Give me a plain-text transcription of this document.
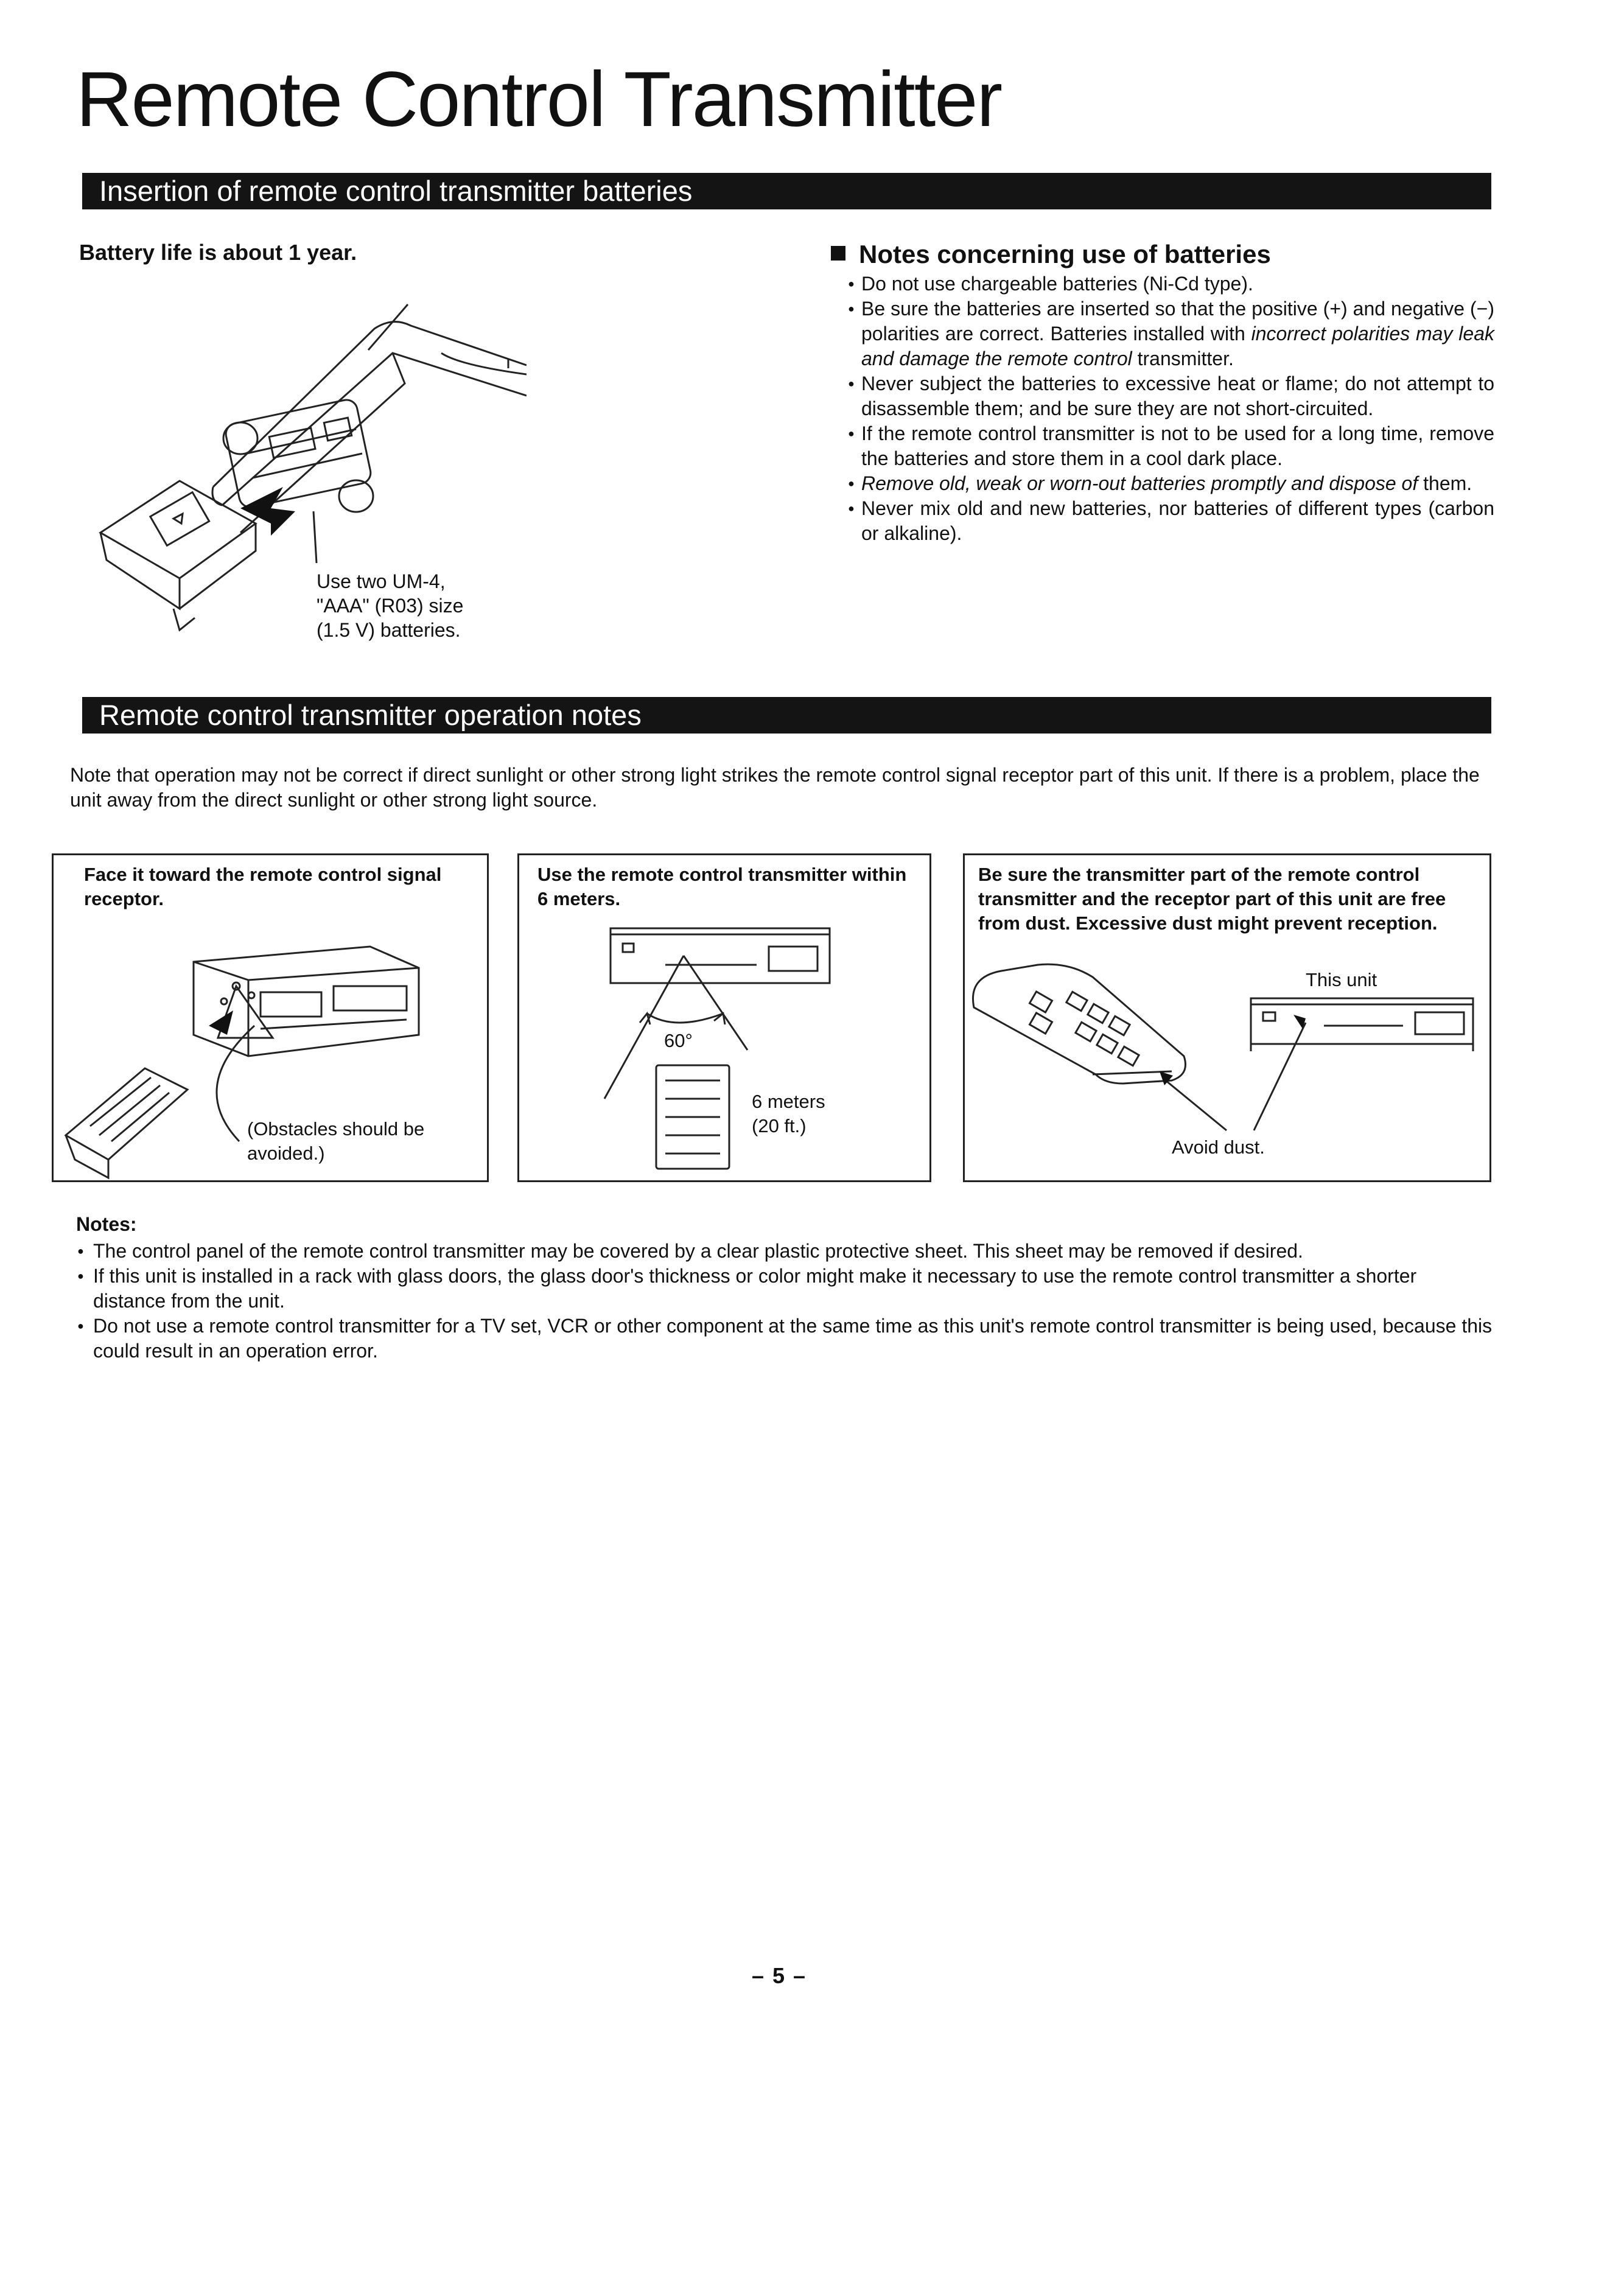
Remote Control Transmitter
Insertion of remote control transmitter batteries
Battery life is about 1 year.
Use two UM-4,
"AAA" (R03) size
(1.5 V) batteries.
Notes concerning use of batteries
● Do not use chargeable batteries (Ni-Cd type).
● Be sure the batteries are inserted so that the positive (+) and negative (−) polarities are correct. Batteries installed with incorrect polarities may leak and damage the remote control transmitter.
● Never subject the batteries to excessive heat or flame; do not attempt to disassemble them; and be sure they are not short-circuited.
● If the remote control transmitter is not to be used for a long time, remove the batteries and store them in a cool dark place.
● Remove old, weak or worn-out batteries promptly and dispose of them.
● Never mix old and new batteries, nor batteries of different types (carbon or alkaline).
Remote control transmitter operation notes
Note that operation may not be correct if direct sunlight or other strong light strikes the remote control signal receptor part of this unit. If there is a problem, place the unit away from the direct sunlight or other strong light source.
Face it toward the remote control signal receptor.
(Obstacles should be
avoided.)
Use the remote control transmitter within 6 meters.
60°
6 meters
(20 ft.)
Be sure the transmitter part of the remote control transmitter and the receptor part of this unit are free from dust. Excessive dust might prevent reception.
This unit
Avoid dust.
Notes:
● The control panel of the remote control transmitter may be covered by a clear plastic protective sheet. This sheet may be removed if desired.
● If this unit is installed in a rack with glass doors, the glass door's thickness or color might make it necessary to use the remote control transmitter a shorter distance from the unit.
● Do not use a remote control transmitter for a TV set, VCR or other component at the same time as this unit's remote control transmitter is being used, because this could result in an operation error.
– 5 –
